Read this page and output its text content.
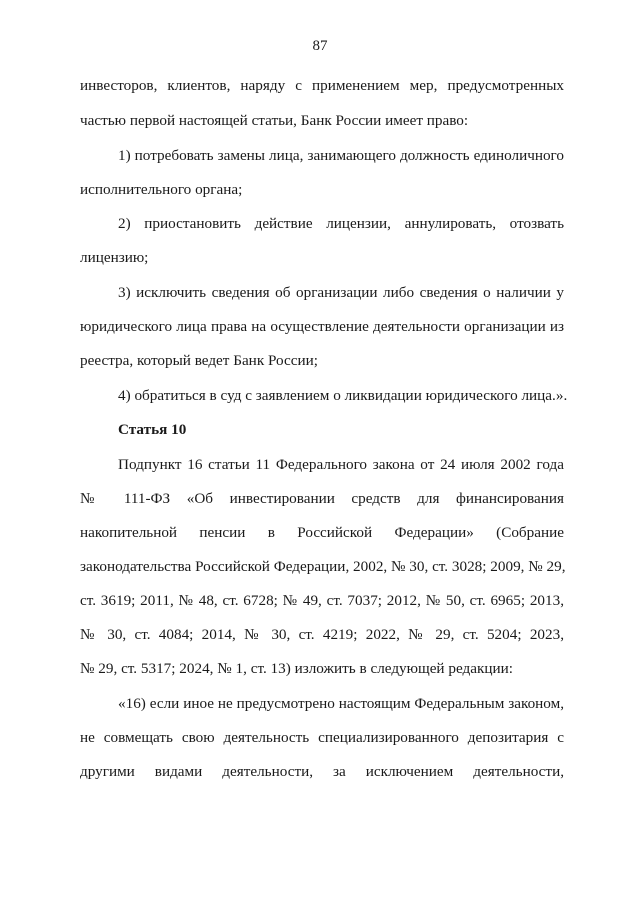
87
инвесторов, клиентов, наряду с применением мер, предусмотренных
частью первой настоящей статьи, Банк России имеет право:
1) потребовать замены лица, занимающего должность единоличного
исполнительного органа;
2) приостановить действие лицензии, аннулировать, отозвать
лицензию;
3) исключить сведения об организации либо сведения о наличии у
юридического лица права на осуществление деятельности организации из
реестра, который ведет Банк России;
4) обратиться в суд с заявлением о ликвидации юридического лица.».
Статья 10
Подпункт 16 статьи 11 Федерального закона от 24 июля 2002 года
№ 111-ФЗ «Об инвестировании средств для финансирования
накопительной пенсии в Российской Федерации» (Собрание
законодательства Российской Федерации, 2002, № 30, ст. 3028; 2009, № 29,
ст. 3619; 2011, № 48, ст. 6728; № 49, ст. 7037; 2012, № 50, ст. 6965; 2013,
№ 30, ст. 4084; 2014, № 30, ст. 4219; 2022, № 29, ст. 5204; 2023,
№ 29, ст. 5317; 2024, № 1, ст. 13) изложить в следующей редакции:
«16) если иное не предусмотрено настоящим Федеральным законом,
не совмещать свою деятельность специализированного депозитария с
другими видами деятельности, за исключением деятельности,
